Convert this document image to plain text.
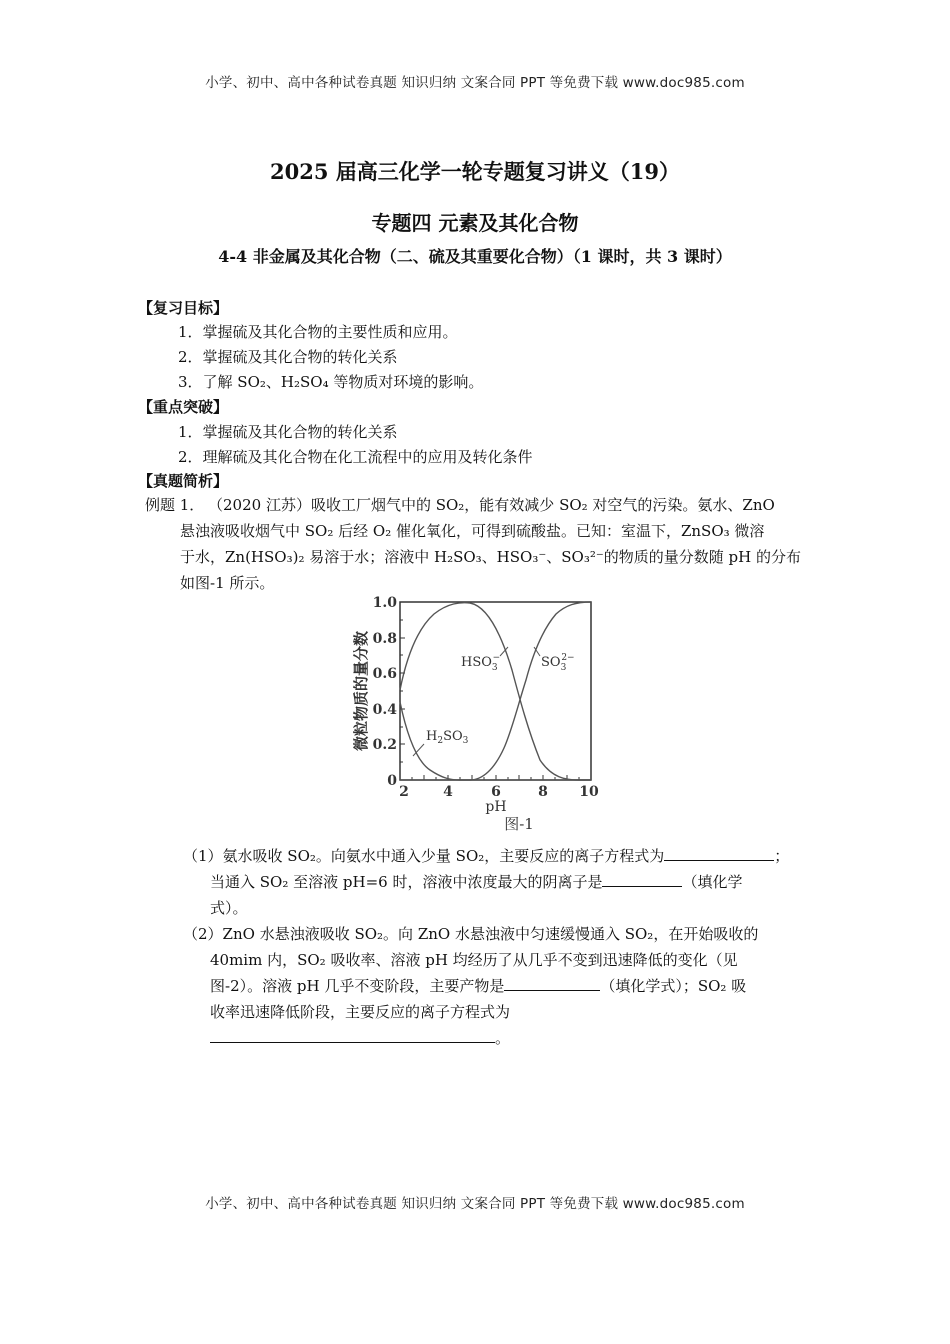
小学、初中、高中各种试卷真题 知识归纳 文案合同 PPT 等免费下载 www.doc985.com
2025 届高三化学一轮专题复习讲义（19）
专题四 元素及其化合物
4-4 非金属及其化合物（二、硫及其重要化合物）（1 课时，共 3 课时）
【复习目标】
1．掌握硫及其化合物的主要性质和应用。
2．掌握硫及其化合物的转化关系
3．了解 SO₂、H₂SO₄ 等物质对环境的影响。
【重点突破】
1．掌握硫及其化合物的转化关系
2．理解硫及其化合物在化工流程中的应用及转化条件
【真题简析】
例题 1． （2020 江苏）吸收工厂烟气中的 SO₂，能有效减少 SO₂ 对空气的污染。氨水、ZnO
悬浊液吸收烟气中 SO₂ 后经 O₂ 催化氧化，可得到硫酸盐。已知：室温下，ZnSO₃ 微溶
于水，Zn(HSO₃)₂ 易溶于水；溶液中 H₂SO₃、HSO₃⁻、SO₃²⁻的物质的量分数随 pH 的分布
如图-1 所示。
0
0.2
0.4
0.6
0.8
1.0
2 4	6	8 10
pH
图-1
微粒物质的量分数	$H_2SO_3$
$HSO_3-$	$SO_32-$
（1）氨水吸收 SO₂。向氨水中通入少量 SO₂，主要反应的离子方程式为	；
当通入 SO₂ 至溶液 pH=6 时，溶液中浓度最大的阴离子是	（填化学
式）。
（2）ZnO 水悬浊液吸收 SO₂。向 ZnO 水悬浊液中匀速缓慢通入 SO₂，在开始吸收的
40mim 内，SO₂ 吸收率、溶液 pH 均经历了从几乎不变到迅速降低的变化（见
图-2）。溶液 pH 几乎不变阶段，主要产物是	（填化学式）；SO₂ 吸
收率迅速降低阶段，主要反应的离子方程式为
。
小学、初中、高中各种试卷真题 知识归纳 文案合同 PPT 等免费下载 www.doc985.com
